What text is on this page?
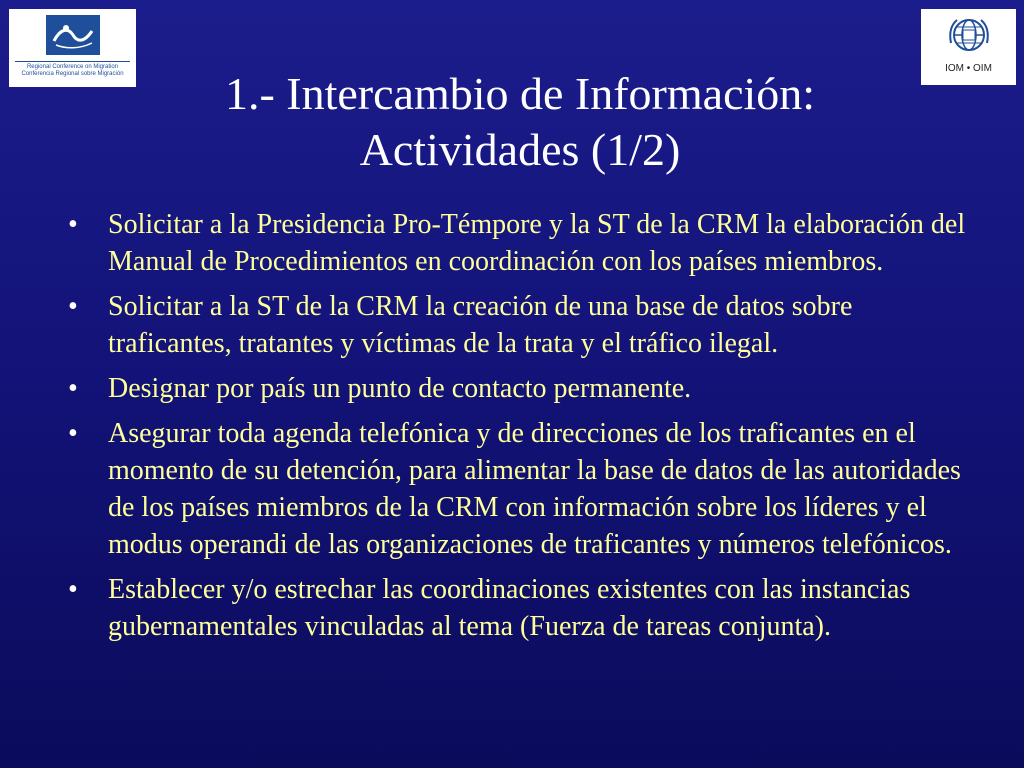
Regional Conference on Migration
Conferencia Regional sobre Migración	IOM • OIM
1.- Intercambio de Información:
Actividades (1/2)
• Solicitar a la Presidencia Pro-Témpore y la ST de la CRM la elaboración del Manual de Procedimientos en coordinación con los países miembros.
• Solicitar a la ST de la CRM la creación de una base de datos sobre traficantes, tratantes y víctimas de la trata y el tráfico ilegal.
• Designar por país un punto de contacto permanente.
• Asegurar toda agenda telefónica y de direcciones de los traficantes en el momento de su detención, para alimentar la base de datos de las autoridades de los países miembros de la CRM con información sobre los líderes y el modus operandi de las organizaciones de traficantes y números telefónicos.
• Establecer y/o estrechar las coordinaciones existentes con las instancias gubernamentales vinculadas al tema (Fuerza de tareas conjunta).
